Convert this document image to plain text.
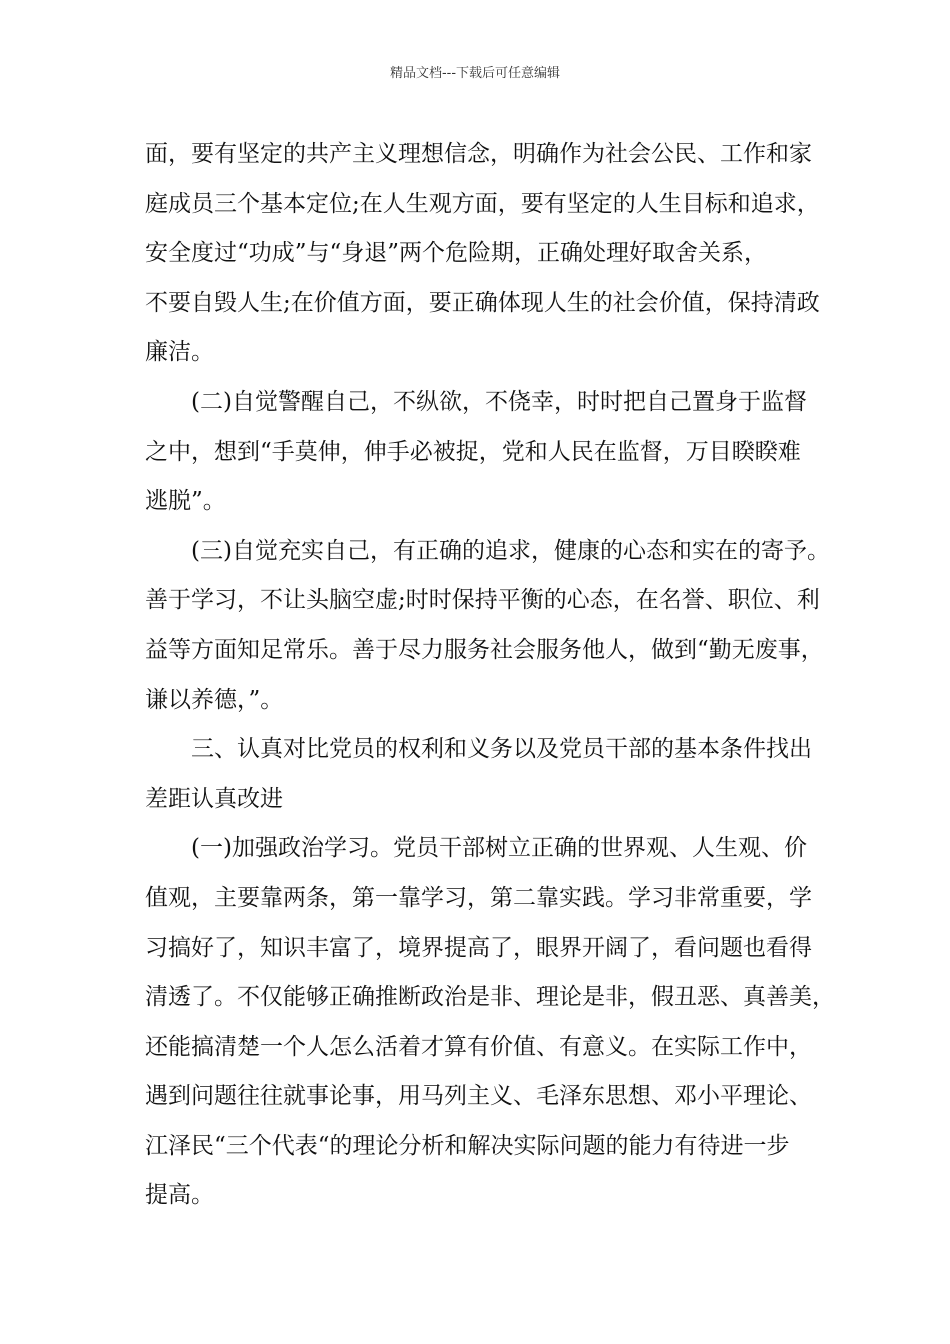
精品文档---下载后可任意编辑
面，要有坚定的共产主义理想信念，明确作为社会公民、工作和家
庭成员三个基本定位;在人生观方面，要有坚定的人生目标和追求，
安全度过“功成”与“身退”两个危险期，正确处理好取舍关系，
不要自毁人生;在价值方面，要正确体现人生的社会价值，保持清政
廉洁。
(二)自觉警醒自己，不纵欲，不侥幸，时时把自己置身于监督
之中，想到“手莫伸，伸手必被捉，党和人民在监督，万目睽睽难
逃脱”。
(三)自觉充实自己，有正确的追求，健康的心态和实在的寄予。
善于学习，不让头脑空虚;时时保持平衡的心态，在名誉、职位、利
益等方面知足常乐。善于尽力服务社会服务他人，做到“勤无废事，
谦以养德，”。
三、认真对比党员的权利和义务以及党员干部的基本条件找出
差距认真改进
(一)加强政治学习。党员干部树立正确的世界观、人生观、价
值观，主要靠两条，第一靠学习，第二靠实践。学习非常重要，学
习搞好了，知识丰富了，境界提高了，眼界开阔了，看问题也看得
清透了。不仅能够正确推断政治是非、理论是非，假丑恶、真善美，
还能搞清楚一个人怎么活着才算有价值、有意义。在实际工作中，
遇到问题往往就事论事，用马列主义、毛泽东思想、邓小平理论、
江泽民“三个代表“的理论分析和解决实际问题的能力有待进一步
提高。
